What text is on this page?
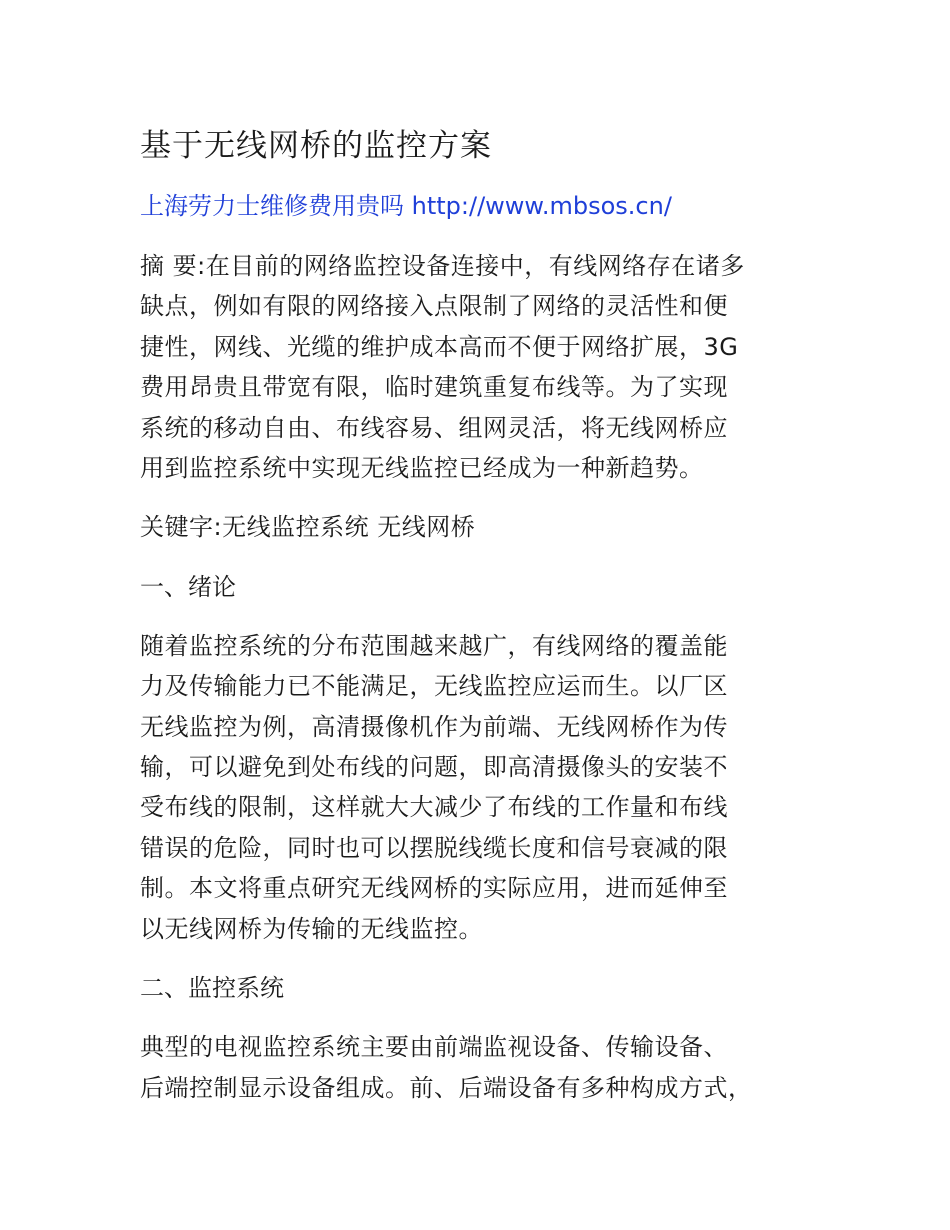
基于无线网桥的监控方案
上海劳力士维修费用贵吗 http://www.mbsos.cn/
摘 要:在目前的网络监控设备连接中，有线网络存在诸多
缺点，例如有限的网络接入点限制了网络的灵活性和便
捷性，网线、光缆的维护成本高而不便于网络扩展，3G
费用昂贵且带宽有限，临时建筑重复布线等。为了实现
系统的移动自由、布线容易、组网灵活，将无线网桥应
用到监控系统中实现无线监控已经成为一种新趋势。
关键字:无线监控系统 无线网桥
一、绪论
随着监控系统的分布范围越来越广，有线网络的覆盖能
力及传输能力已不能满足，无线监控应运而生。以厂区
无线监控为例，高清摄像机作为前端、无线网桥作为传
输，可以避免到处布线的问题，即高清摄像头的安装不
受布线的限制，这样就大大减少了布线的工作量和布线
错误的危险，同时也可以摆脱线缆长度和信号衰减的限
制。本文将重点研究无线网桥的实际应用，进而延伸至
以无线网桥为传输的无线监控。
二、监控系统
典型的电视监控系统主要由前端监视设备、传输设备、
后端控制显示设备组成。前、后端设备有多种构成方式，
